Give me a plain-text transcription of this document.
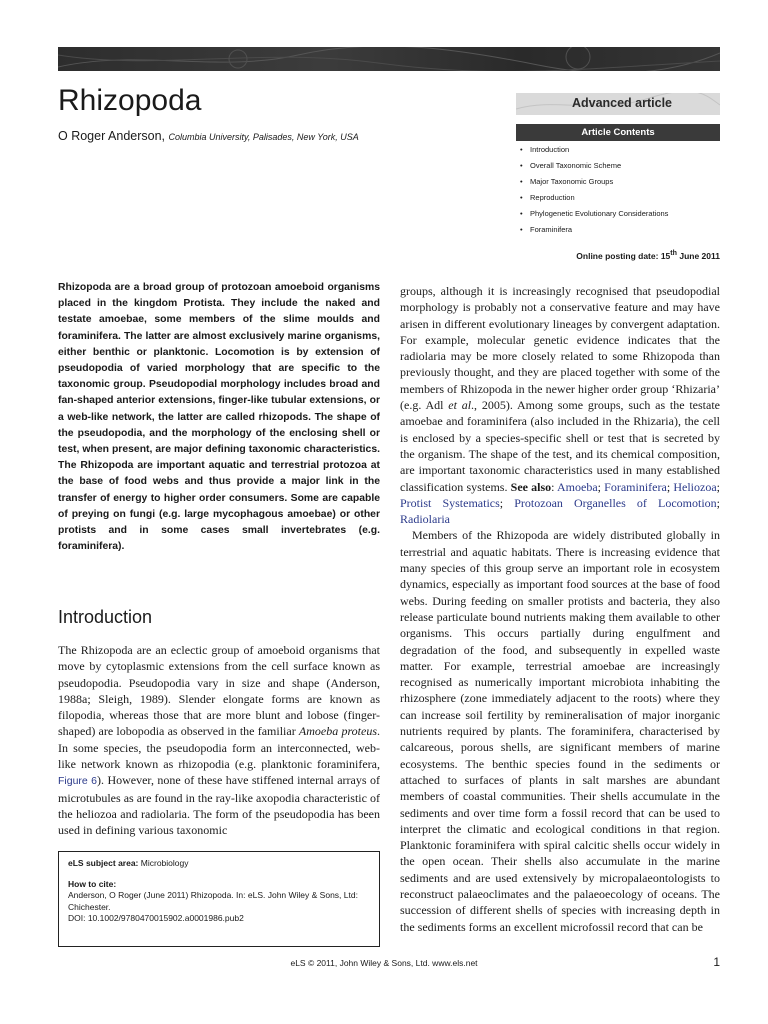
Rhizopoda
O Roger Anderson, Columbia University, Palisades, New York, USA
Advanced article
Article Contents
• Introduction
• Overall Taxonomic Scheme
• Major Taxonomic Groups
• Reproduction
• Phylogenetic Evolutionary Considerations
• Foraminifera
Online posting date: 15th June 2011
Rhizopoda are a broad group of protozoan amoeboid organisms placed in the kingdom Protista. They include the naked and testate amoebae, some members of the slime moulds and foraminifera. The latter are almost exclusively marine organisms, either benthic or planktonic. Locomotion is by extension of pseudopodia of varied morphology that are specific to the taxonomic group. Pseudopodial morphology includes broad and fan-shaped anterior extensions, finger-like tubular extensions, or a web-like network, the latter are called rhizopods. The shape of the pseudopodia, and the morphology of the enclosing shell or test, when present, are major defining taxonomic characteristics. The Rhizopoda are important aquatic and terrestrial protozoa at the base of food webs and thus provide a major link in the transfer of energy to higher order consumers. Some are capable of preying on fungi (e.g. large mycophagous amoebae) or other protists and in some cases small invertebrates (e.g. foraminifera).
Introduction

The Rhizopoda are an eclectic group of amoeboid organisms that move by cytoplasmic extensions from the cell surface known as pseudopodia. Pseudopodia vary in size and shape (Anderson, 1988a; Sleigh, 1989). Slender elongate forms are known as filopodia, whereas those that are more blunt and lobose (finger-shaped) are lobopodia as observed in the familiar Amoeba proteus. In some species, the pseudopodia form an interconnected, web-like network known as rhizopodia (e.g. planktonic foraminifera, Figure 6). However, none of these have stiffened internal arrays of microtubules as are found in the ray-like axopodia characteristic of the heliozoa and radiolaria. The form of the pseudopodia has been used in defining various taxonomic

eLS subject area: Microbiology

How to cite:

Anderson, O Roger (June 2011) Rhizopoda. In: eLS. John Wiley & Sons, Ltd: Chichester.

DOI: 10.1002/9780470015902.a0001986.pub2

groups, although it is increasingly recognised that pseudopodial morphology is probably not a conservative feature and may have arisen in different evolutionary lineages by convergent adaptation. For example, molecular genetic evidence indicates that the radiolaria may be more closely related to some Rhizopoda than previously thought, and they are placed together with some of the members of Rhizopoda in the newer higher order group ‘Rhizaria’ (e.g. Adl et al., 2005). Among some groups, such as the testate amoebae and foraminifera (also included in the Rhizaria), the cell is enclosed by a species-specific shell or test that is secreted by the organism. The shape of the test, and its chemical composition, are important taxonomic characteristics used in many established classification systems. See also: Amoeba; Foraminifera; Heliozoa; Protist Systematics; Protozoan Organelles of Locomotion; Radiolaria

Members of the Rhizopoda are widely distributed globally in terrestrial and aquatic habitats. There is increasing evidence that many species of this group serve an important role in ecosystem dynamics, especially as important food sources at the base of food webs. During feeding on smaller protists and bacteria, they also release particulate bound nutrients making them available to other organisms. This occurs partially during engulfment and degradation of the food, and subsequently in expelled waste matter. For example, terrestrial amoebae are increasingly recognised as numerically important microbiota inhabiting the rhizosphere (zone immediately adjacent to the roots) where they can increase soil fertility by remineralisation of major inorganic nutrients required by plants. The foraminifera, characterised by calcareous, porous shells, are significant members of marine ecosystems. The benthic species found in the sediments or attached to surfaces of plants in salt marshes are abundant members of coastal communities. Their shells accumulate in the sediments and over time form a fossil record that can be used to interpret the climatic and ecological conditions in that region. Planktonic foraminifera with spiral calcitic shells occur widely in the open ocean. Their shells also accumulate in the marine sediments and are used extensively by micropalaeontologists to reconstruct palaeoclimates and the palaeoecology of oceans. The succession of different shells of species with increasing depth in the sediments forms an excellent microfossil record that can be

eLS © 2011, John Wiley & Sons, Ltd. www.els.net	1
